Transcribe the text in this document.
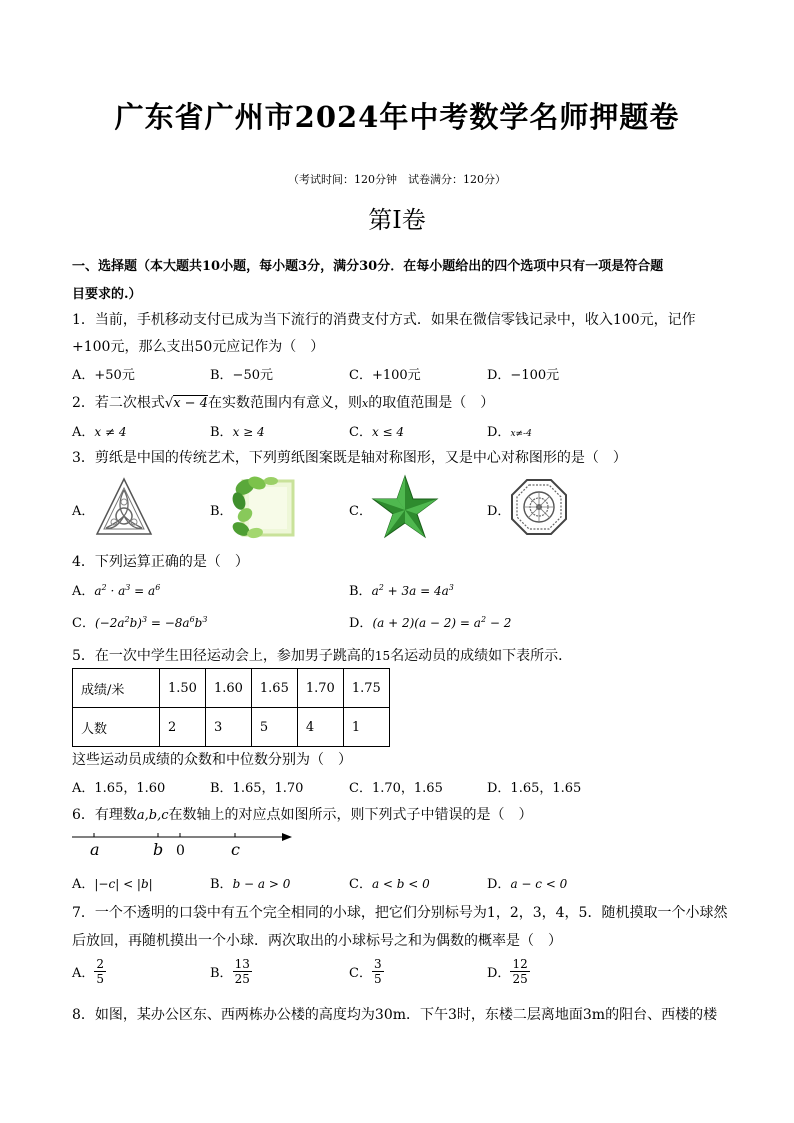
广东省广州市2024年中考数学名师押题卷
（考试时间：120分钟　试卷满分：120分）
第Ⅰ卷
一、选择题（本大题共10小题，每小题3分，满分30分．在每小题给出的四个选项中只有一项是符合题
目要求的.）
1．当前，手机移动支付已成为当下流行的消费支付方式．如果在微信零钱记录中，收入100元，记作
+100元，那么支出50元应记作为（　）
A．+50元	B．−50元	C．+100元	D．−100元
2．若二次根式√x − 4在实数范围内有意义，则x的取值范围是（　）
A．x ≠ 4	B．x ≥ 4	C．x ≤ 4	D．x≠-4
3．剪纸是中国的传统艺术，下列剪纸图案既是轴对称图形，又是中心对称图形的是（　）
A．	B．	C．	D．
4．下列运算正确的是（　）
A．$a^2 \cdot a^3 = a^6$	B．$a^2 + 3a = 4a^3$
C．$(-2a^2b)^3 = -8a^6b^3$	D．$(a + 2)(a - 2) = a^2 - 2$
5．在一次中学生田径运动会上，参加男子跳高的15名运动员的成绩如下表所示．
成绩/米	1.50	1.60	1.65	1.70	1.75
人数	2	3	5	4	1
这些运动员成绩的众数和中位数分别为（　）
A．1.65，1.60	B．1.65，1.70	C．1.70，1.65	D．1.65，1.65
6．有理数a,b,c在数轴上的对应点如图所示，则下列式子中错误的是（　）
a	b 0	c
A．|−c| < |b|	B．b − a > 0	C．a < b < 0	D．a − c < 0
7．一个不透明的口袋中有五个完全相同的小球，把它们分别标号为1，2，3，4，5．随机摸取一个小球然
后放回，再随机摸出一个小球．两次取出的小球标号之和为偶数的概率是（　）
A． $\frac{2}{5}$	B． $\frac{13}{25}$	C． $\frac{3}{5}$	D． $\frac{12}{25}$
8．如图，某办公区东、西两栋办公楼的高度均为30m．下午3时，东楼二层离地面3m的阳台、西楼的楼
